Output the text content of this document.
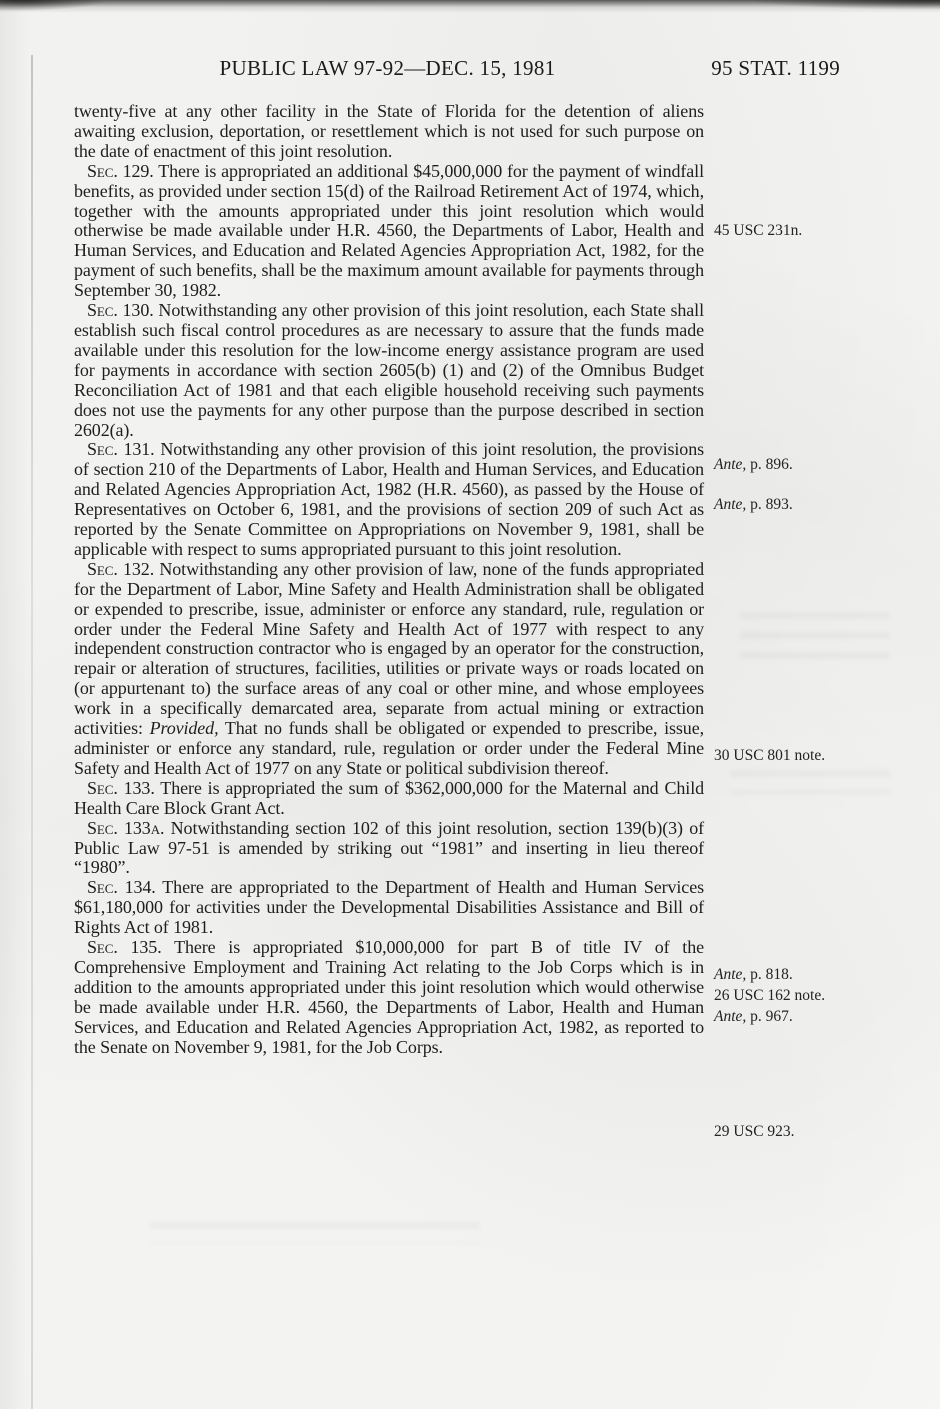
PUBLIC LAW 97-92—DEC. 15, 1981	95 STAT. 1199

twenty-five at any other facility in the State of Florida for the detention of aliens awaiting exclusion, deportation, or resettlement which is not used for such purpose on the date of enactment of this joint resolution.

Sec. 129. There is appropriated an additional $45,000,000 for the payment of windfall benefits, as provided under section 15(d) of the Railroad Retirement Act of 1974, which, together with the amounts appropriated under this joint resolution which would otherwise be made available under H.R. 4560, the Departments of Labor, Health and Human Services, and Education and Related Agencies Appropriation Act, 1982, for the payment of such benefits, shall be the maximum amount available for payments through September 30, 1982.

Sec. 130. Notwithstanding any other provision of this joint resolution, each State shall establish such fiscal control procedures as are necessary to assure that the funds made available under this resolution for the low-income energy assistance program are used for payments in accordance with section 2605(b) (1) and (2) of the Omnibus Budget Reconciliation Act of 1981 and that each eligible household receiving such payments does not use the payments for any other purpose than the purpose described in section 2602(a).

Sec. 131. Notwithstanding any other provision of this joint resolution, the provisions of section 210 of the Departments of Labor, Health and Human Services, and Education and Related Agencies Appropriation Act, 1982 (H.R. 4560), as passed by the House of Representatives on October 6, 1981, and the provisions of section 209 of such Act as reported by the Senate Committee on Appropriations on November 9, 1981, shall be applicable with respect to sums appropriated pursuant to this joint resolution.

Sec. 132. Notwithstanding any other provision of law, none of the funds appropriated for the Department of Labor, Mine Safety and Health Administration shall be obligated or expended to prescribe, issue, administer or enforce any standard, rule, regulation or order under the Federal Mine Safety and Health Act of 1977 with respect to any independent construction contractor who is engaged by an operator for the construction, repair or alteration of structures, facilities, utilities or private ways or roads located on (or appurtenant to) the surface areas of any coal or other mine, and whose employees work in a specifically demarcated area, separate from actual mining or extraction activities: Provided, That no funds shall be obligated or expended to prescribe, issue, administer or enforce any standard, rule, regulation or order under the Federal Mine Safety and Health Act of 1977 on any State or political subdivision thereof.

Sec. 133. There is appropriated the sum of $362,000,000 for the Maternal and Child Health Care Block Grant Act.

Sec. 133a. Notwithstanding section 102 of this joint resolution, section 139(b)(3) of Public Law 97-51 is amended by striking out “1981” and inserting in lieu thereof “1980”.

Sec. 134. There are appropriated to the Department of Health and Human Services $61,180,000 for activities under the Developmental Disabilities Assistance and Bill of Rights Act of 1981.

Sec. 135. There is appropriated $10,000,000 for part B of title IV of the Comprehensive Employment and Training Act relating to the Job Corps which is in addition to the amounts appropriated under this joint resolution which would otherwise be made available under H.R. 4560, the Departments of Labor, Health and Human Services, and Education and Related Agencies Appropriation Act, 1982, as reported to the Senate on November 9, 1981, for the Job Corps.

45 USC 231n.
Ante, p. 896.
Ante, p. 893.
30 USC 801 note.
Ante, p. 818.
26 USC 162 note.
Ante, p. 967.
29 USC 923.
